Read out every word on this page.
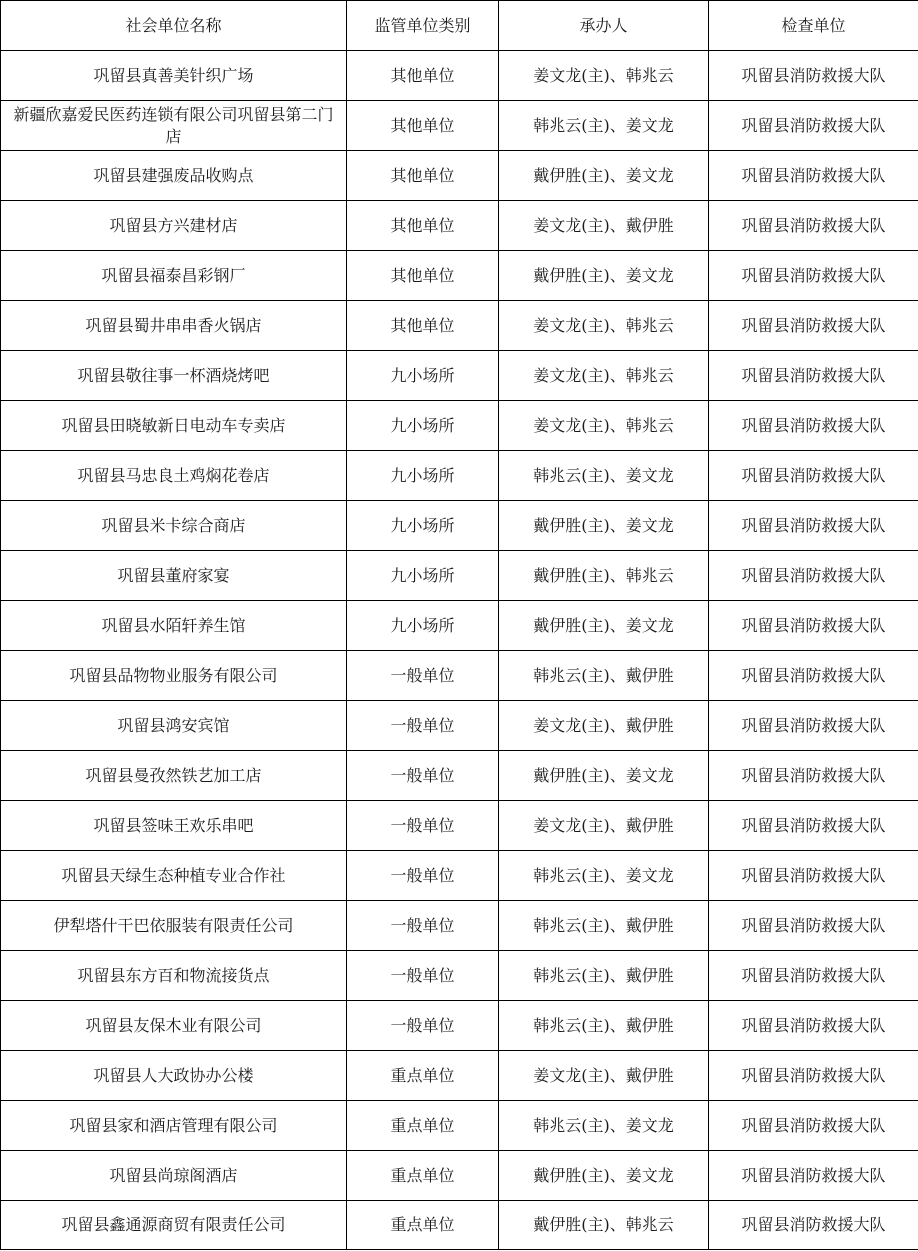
社会单位名称	监管单位类别	承办人	检查单位
巩留县真善美针织广场	其他单位	姜文龙(主)、韩兆云	巩留县消防救援大队
新疆欣嘉爱民医药连锁有限公司巩留县第二门店	其他单位	韩兆云(主)、姜文龙	巩留县消防救援大队
巩留县建强废品收购点	其他单位	戴伊胜(主)、姜文龙	巩留县消防救援大队
巩留县方兴建材店	其他单位	姜文龙(主)、戴伊胜	巩留县消防救援大队
巩留县福泰昌彩钢厂	其他单位	戴伊胜(主)、姜文龙	巩留县消防救援大队
巩留县蜀井串串香火锅店	其他单位	姜文龙(主)、韩兆云	巩留县消防救援大队
巩留县敬往事一杯酒烧烤吧	九小场所	姜文龙(主)、韩兆云	巩留县消防救援大队
巩留县田晓敏新日电动车专卖店	九小场所	姜文龙(主)、韩兆云	巩留县消防救援大队
巩留县马忠良土鸡焖花卷店	九小场所	韩兆云(主)、姜文龙	巩留县消防救援大队
巩留县米卡综合商店	九小场所	戴伊胜(主)、姜文龙	巩留县消防救援大队
巩留县董府家宴	九小场所	戴伊胜(主)、韩兆云	巩留县消防救援大队
巩留县水陌轩养生馆	九小场所	戴伊胜(主)、姜文龙	巩留县消防救援大队
巩留县品物物业服务有限公司	一般单位	韩兆云(主)、戴伊胜	巩留县消防救援大队
巩留县鸿安宾馆	一般单位	姜文龙(主)、戴伊胜	巩留县消防救援大队
巩留县曼孜然铁艺加工店	一般单位	戴伊胜(主)、姜文龙	巩留县消防救援大队
巩留县签味王欢乐串吧	一般单位	姜文龙(主)、戴伊胜	巩留县消防救援大队
巩留县天绿生态种植专业合作社	一般单位	韩兆云(主)、姜文龙	巩留县消防救援大队
伊犁塔什干巴依服装有限责任公司	一般单位	韩兆云(主)、戴伊胜	巩留县消防救援大队
巩留县东方百和物流接货点	一般单位	韩兆云(主)、戴伊胜	巩留县消防救援大队
巩留县友保木业有限公司	一般单位	韩兆云(主)、戴伊胜	巩留县消防救援大队
巩留县人大政协办公楼	重点单位	姜文龙(主)、戴伊胜	巩留县消防救援大队
巩留县家和酒店管理有限公司	重点单位	韩兆云(主)、姜文龙	巩留县消防救援大队
巩留县尚琼阁酒店	重点单位	戴伊胜(主)、姜文龙	巩留县消防救援大队
巩留县鑫通源商贸有限责任公司	重点单位	戴伊胜(主)、韩兆云	巩留县消防救援大队
